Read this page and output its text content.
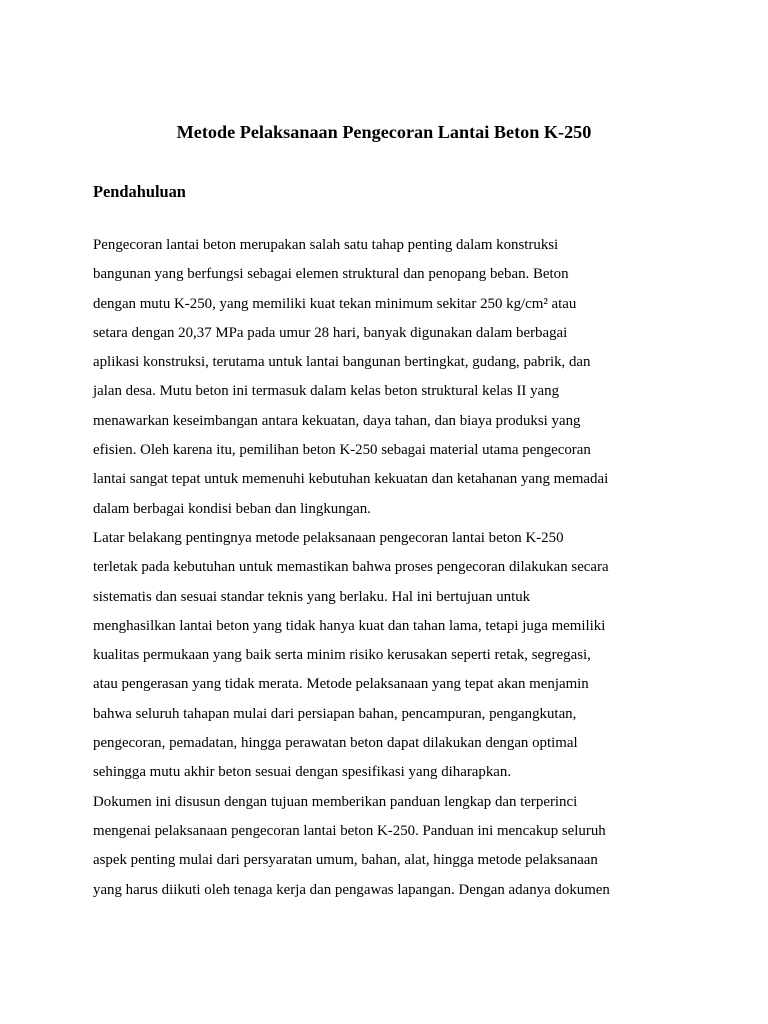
Metode Pelaksanaan Pengecoran Lantai Beton K-250
Pendahuluan
Pengecoran lantai beton merupakan salah satu tahap penting dalam konstruksi
bangunan yang berfungsi sebagai elemen struktural dan penopang beban. Beton
dengan mutu K-250, yang memiliki kuat tekan minimum sekitar 250 kg/cm² atau
setara dengan 20,37 MPa pada umur 28 hari, banyak digunakan dalam berbagai
aplikasi konstruksi, terutama untuk lantai bangunan bertingkat, gudang, pabrik, dan
jalan desa. Mutu beton ini termasuk dalam kelas beton struktural kelas II yang
menawarkan keseimbangan antara kekuatan, daya tahan, dan biaya produksi yang
efisien. Oleh karena itu, pemilihan beton K-250 sebagai material utama pengecoran
lantai sangat tepat untuk memenuhi kebutuhan kekuatan dan ketahanan yang memadai
dalam berbagai kondisi beban dan lingkungan.
Latar belakang pentingnya metode pelaksanaan pengecoran lantai beton K-250
terletak pada kebutuhan untuk memastikan bahwa proses pengecoran dilakukan secara
sistematis dan sesuai standar teknis yang berlaku. Hal ini bertujuan untuk
menghasilkan lantai beton yang tidak hanya kuat dan tahan lama, tetapi juga memiliki
kualitas permukaan yang baik serta minim risiko kerusakan seperti retak, segregasi,
atau pengerasan yang tidak merata. Metode pelaksanaan yang tepat akan menjamin
bahwa seluruh tahapan mulai dari persiapan bahan, pencampuran, pengangkutan,
pengecoran, pemadatan, hingga perawatan beton dapat dilakukan dengan optimal
sehingga mutu akhir beton sesuai dengan spesifikasi yang diharapkan.
Dokumen ini disusun dengan tujuan memberikan panduan lengkap dan terperinci
mengenai pelaksanaan pengecoran lantai beton K-250. Panduan ini mencakup seluruh
aspek penting mulai dari persyaratan umum, bahan, alat, hingga metode pelaksanaan
yang harus diikuti oleh tenaga kerja dan pengawas lapangan. Dengan adanya dokumen
